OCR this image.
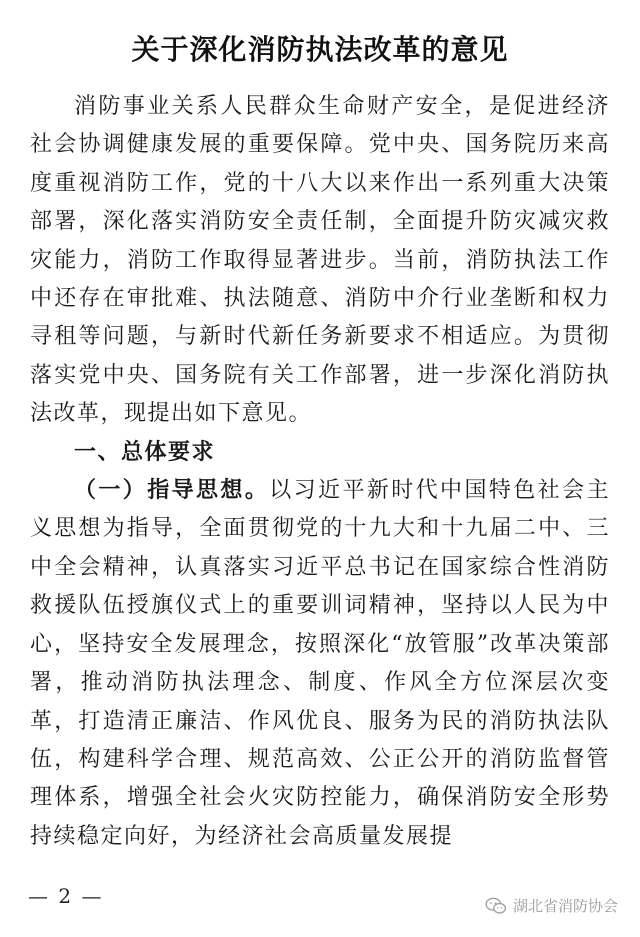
关于深化消防执法改革的意见

消防事业关系人民群众生命财产安全，是促进经济社会协调健康发展的重要保障。党中央、国务院历来高度重视消防工作，党的十八大以来作出一系列重大决策部署，深化落实消防安全责任制，全面提升防灾减灾救灾能力，消防工作取得显著进步。当前，消防执法工作中还存在审批难、执法随意、消防中介行业垄断和权力寻租等问题，与新时代新任务新要求不相适应。为贯彻落实党中央、国务院有关工作部署，进一步深化消防执法改革，现提出如下意见。

一、总体要求

（一）指导思想。以习近平新时代中国特色社会主义思想为指导，全面贯彻党的十九大和十九届二中、三中全会精神，认真落实习近平总书记在国家综合性消防救援队伍授旗仪式上的重要训词精神，坚持以人民为中心，坚持安全发展理念，按照深化“放管服”改革决策部署，推动消防执法理念、制度、作风全方位深层次变革，打造清正廉洁、作风优良、服务为民的消防执法队伍，构建科学合理、规范高效、公正公开的消防监督管理体系，增强全社会火灾防控能力，确保消防安全形势持续稳定向好，为经济社会高质量发展提

— 2 —	湖北省消防协会
